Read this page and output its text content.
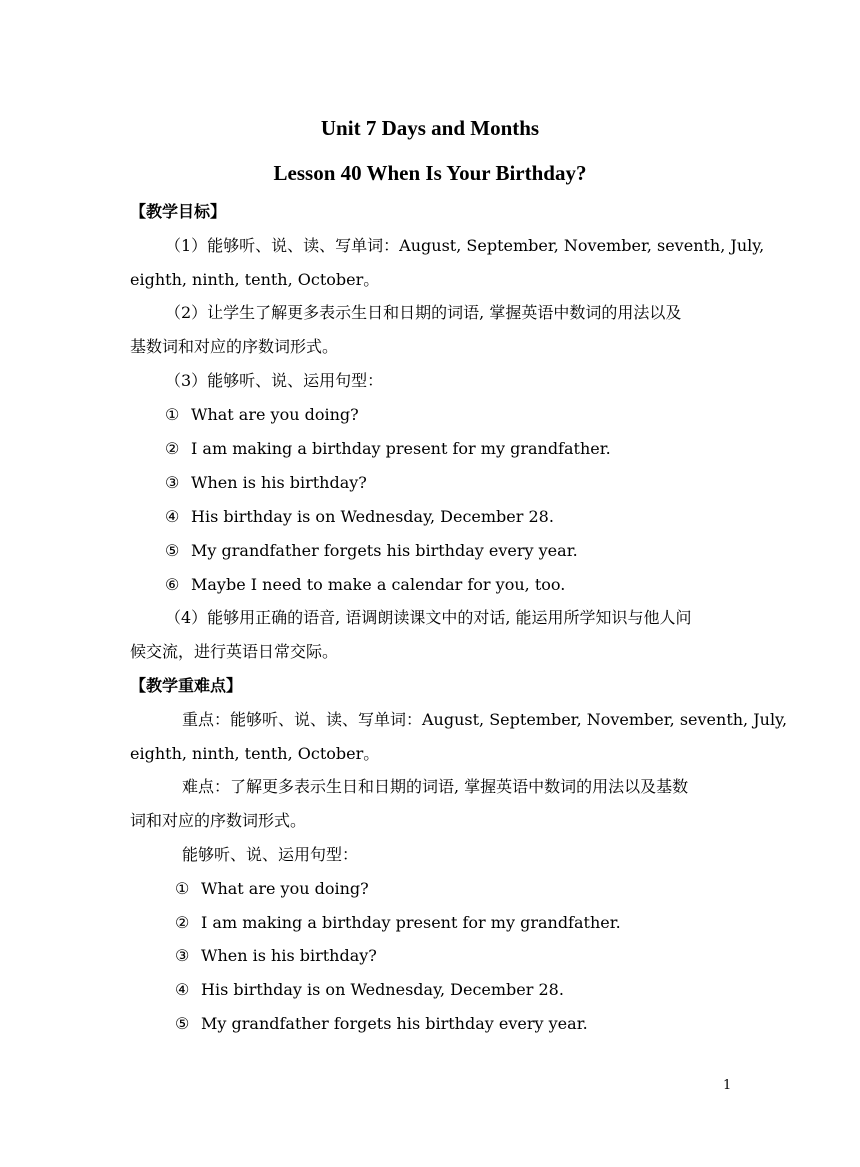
Unit 7 Days and Months
Lesson 40 When Is Your Birthday?
【教学目标】
（1）能够听、说、读、写单词：August, September, November, seventh, July,
eighth, ninth, tenth, October。
（2）让学生了解更多表示生日和日期的词语, 掌握英语中数词的用法以及
基数词和对应的序数词形式。
（3）能够听、说、运用句型：
① What are you doing?
② I am making a birthday present for my grandfather.
③ When is his birthday?
④ His birthday is on Wednesday, December 28.
⑤ My grandfather forgets his birthday every year.
⑥ Maybe I need to make a calendar for you, too.
（4）能够用正确的语音, 语调朗读课文中的对话, 能运用所学知识与他人问
候交流，进行英语日常交际。
【教学重难点】
重点：能够听、说、读、写单词：August, September, November, seventh, July,
eighth, ninth, tenth, October。
难点：了解更多表示生日和日期的词语, 掌握英语中数词的用法以及基数
词和对应的序数词形式。
能够听、说、运用句型：
① What are you doing?
② I am making a birthday present for my grandfather.
③ When is his birthday?
④ His birthday is on Wednesday, December 28.
⑤ My grandfather forgets his birthday every year.
1
